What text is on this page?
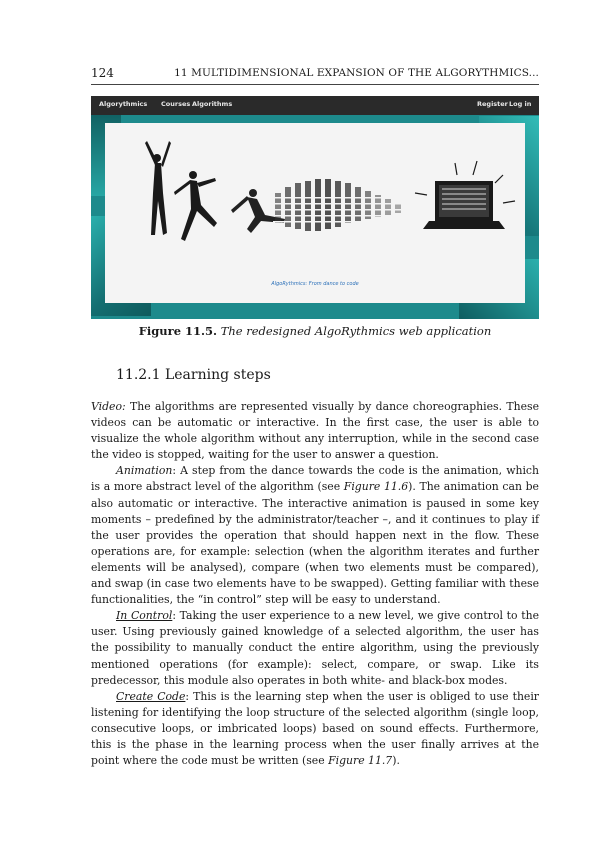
124	11 MULTIDIMENSIONAL EXPANSION OF THE ALGORYTHMICS...
Algorythmics Courses Algorithms	Register Log in
AlgoRythmics: From dance to code
Figure 11.5. The redesigned AlgoRythmics web application
11.2.1 Learning steps

Video: The algorithms are represented visually by dance choreographies. These videos can be automatic or interactive. In the first case, the user is able to visualize the whole algorithm without any interruption, while in the second case the video is stopped, waiting for the user to answer a question.

Animation: A step from the dance towards the code is the animation, which is a more abstract level of the algorithm (see Figure 11.6). The animation can be also automatic or interactive. The interactive animation is paused in some key moments – predefined by the administrator/teacher –, and it continues to play if the user provides the operation that should happen next in the flow. These operations are, for example: selection (when the algorithm iterates and further elements will be analysed), compare (when two elements must be compared), and swap (in case two elements have to be swapped). Getting familiar with these functionalities, the “in control” step will be easy to understand.

In Control: Taking the user experience to a new level, we give control to the user. Using previously gained knowledge of a selected algorithm, the user has the possibility to manually conduct the entire algorithm, using the previously mentioned operations (for example): select, compare, or swap. Like its predecessor, this module also operates in both white- and black-box modes.

Create Code: This is the learning step when the user is obliged to use their listening for identifying the loop structure of the selected algorithm (single loop, consecutive loops, or imbricated loops) based on sound effects. Furthermore, this is the phase in the learning process when the user finally arrives at the point where the code must be written (see Figure 11.7).
